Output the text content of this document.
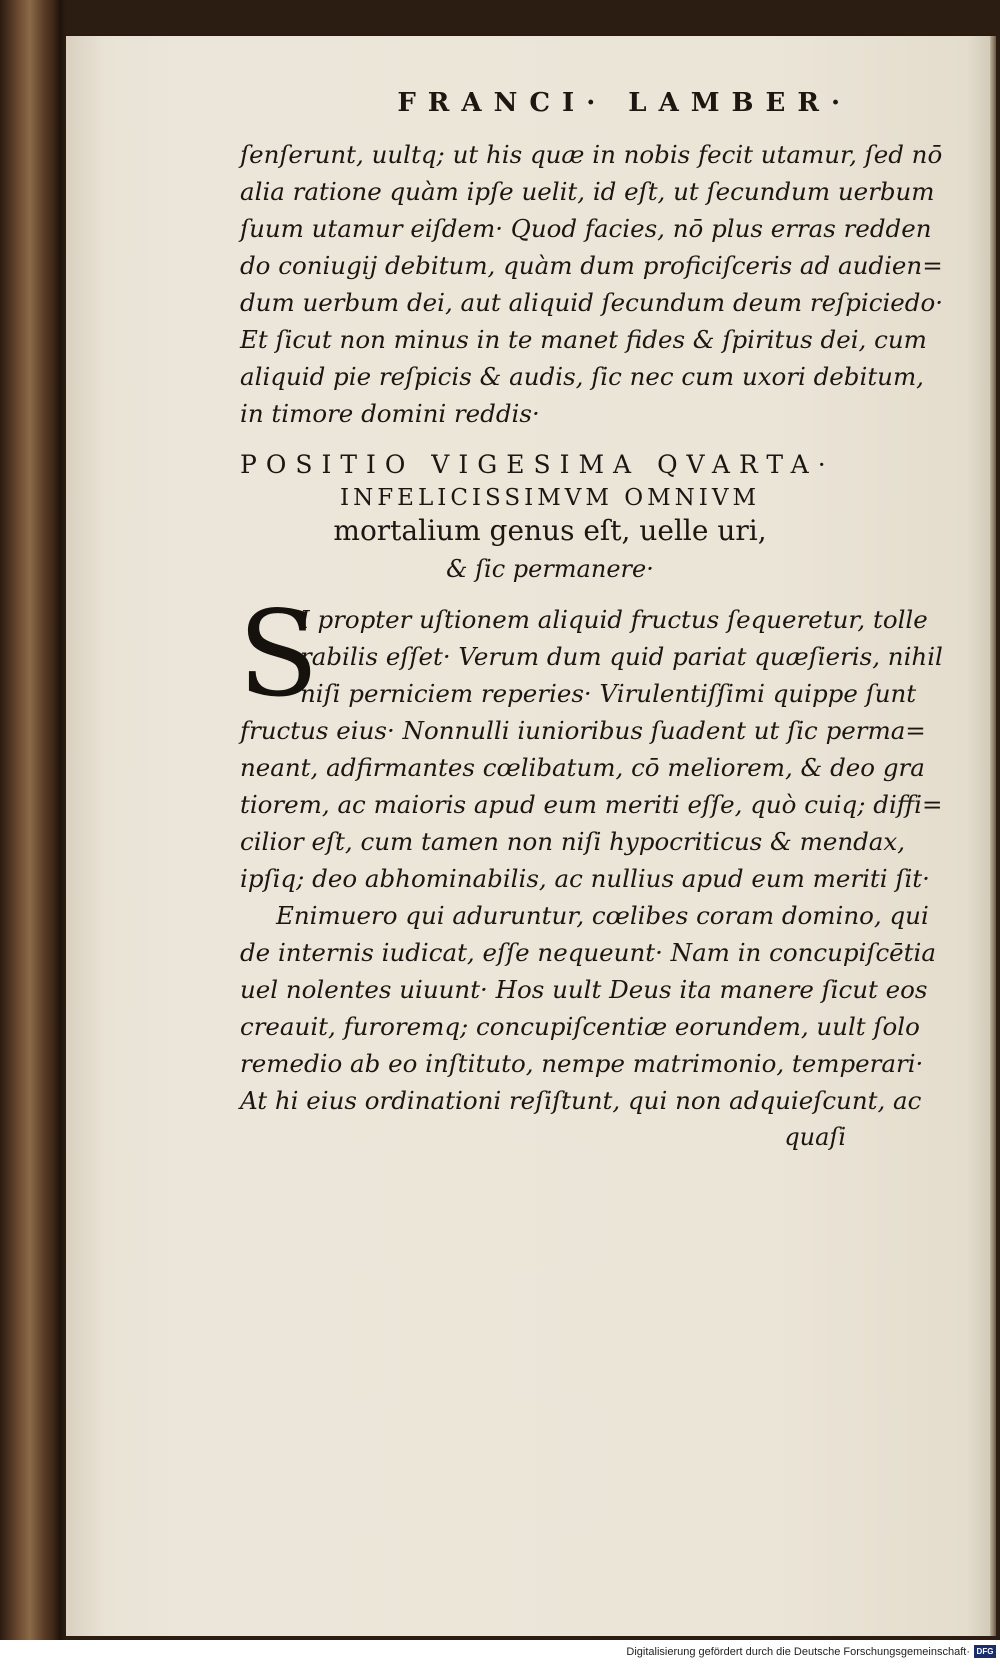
FRANCI· LAMBER·
ſenſerunt, uultq; ut his quæ in nobis fecit utamur, ſed nō
alia ratione quàm ipſe uelit, id eſt, ut ſecundum uerbum
ſuum utamur eiſdem· Quod facies, nō plus erras redden
do coniugij debitum, quàm dum proficiſceris ad audien=
dum uerbum dei, aut aliquid ſecundum deum reſpiciedo·
Et ſicut non minus in te manet fides & ſpiritus dei, cum
aliquid pie reſpicis & audis, ſic nec cum uxori debitum,
in timore domini reddis·
POSITIO VIGESIMA QVARTA·
INFELICISSIMVM OMNIVM
mortalium genus eſt, uelle uri,
& ſic permanere·
S
I propter uſtionem aliquid fructus ſequeretur, tolle
rabilis eſſet· Verum dum quid pariat quæſieris, nihil
niſi perniciem reperies· Virulentiſſimi quippe ſunt
fructus eius· Nonnulli iunioribus ſuadent ut ſic perma=
neant, adfirmantes cœlibatum, cō meliorem, & deo gra
tiorem, ac maioris apud eum meriti eſſe, quò cuiq; diffi=
cilior eſt, cum tamen non niſi hypocriticus & mendax,
ipſiq; deo abhominabilis, ac nullius apud eum meriti ſit·
Enimuero qui aduruntur, cœlibes coram domino, qui
de internis iudicat, eſſe nequeunt· Nam in concupiſcētia
uel nolentes uiuunt· Hos uult Deus ita manere ſicut eos
creauit, furoremq; concupiſcentiæ eorundem, uult ſolo
remedio ab eo inſtituto, nempe matrimonio, temperari·
At hi eius ordinationi reſiſtunt, qui non adquieſcunt, ac
quaſi
Digitalisierung gefördert durch die Deutsche Forschungsgemeinschaft· DFG
